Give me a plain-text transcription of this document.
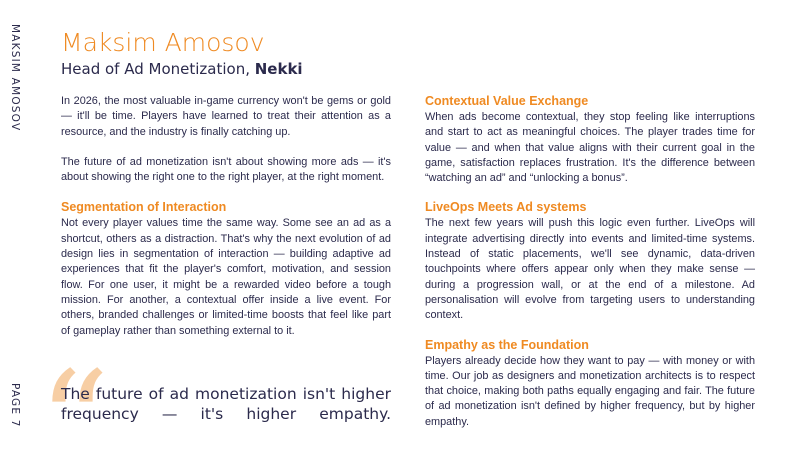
MAKSIM AMOSOV
PAGE 7
Maksim Amosov
Head of Ad Monetization, Nekki

In 2026, the most valuable in-game currency won't be gems or gold — it'll be time. Players have learned to treat their attention as a resource, and the industry is finally catching up.

The future of ad monetization isn't about showing more ads — it's about showing the right one to the right player, at the right moment.

Segmentation of Interaction

Not every player values time the same way. Some see an ad as a shortcut, others as a distraction. That's why the next evolution of ad design lies in segmentation of interaction — building adaptive ad experiences that fit the player's comfort, motivation, and session flow. For one user, it might be a rewarded video before a tough mission. For another, a contextual offer inside a live event. For others, branded challenges or limited-time boosts that feel like part of gameplay rather than something external to it.

“
The future of ad monetization isn't higher frequency — it's higher empathy.
Contextual Value Exchange

When ads become contextual, they stop feeling like interruptions and start to act as meaningful choices. The player trades time for value — and when that value aligns with their current goal in the game, satisfaction replaces frustration. It's the difference between “watching an ad” and “unlocking a bonus”.

LiveOps Meets Ad systems

The next few years will push this logic even further. LiveOps will integrate advertising directly into events and limited-time systems. Instead of static placements, we'll see dynamic, data-driven touchpoints where offers appear only when they make sense — during a progression wall, or at the end of a milestone. Ad personalisation will evolve from targeting users to understanding context.

Empathy as the Foundation

Players already decide how they want to pay — with money or with time. Our job as designers and monetization architects is to respect that choice, making both paths equally engaging and fair. The future of ad monetization isn't defined by higher frequency, but by higher empathy.
